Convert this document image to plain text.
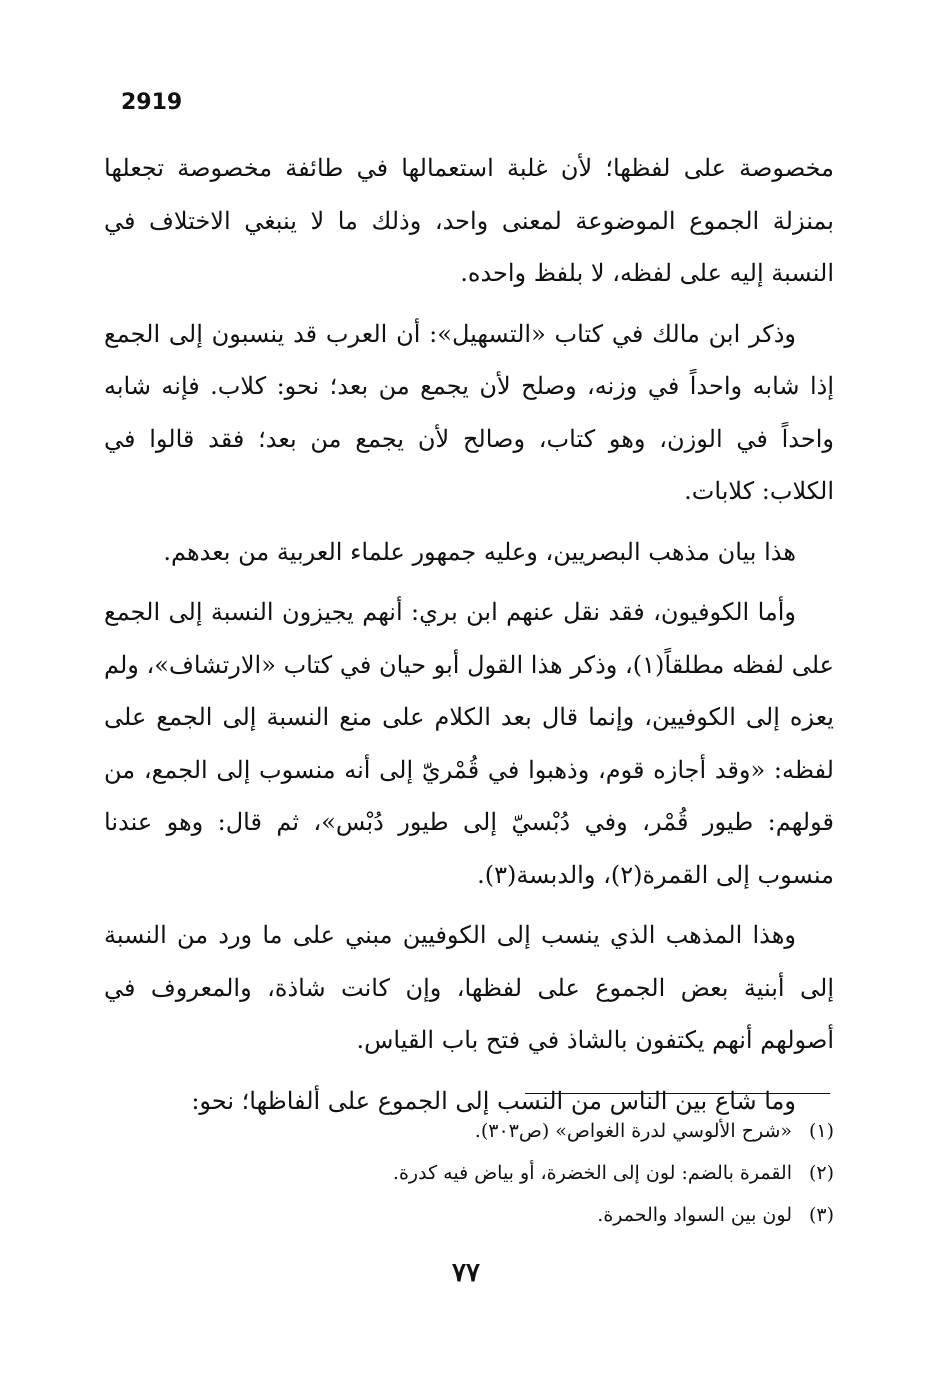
2919

مخصوصة على لفظها؛ لأن غلبة استعمالها في طائفة مخصوصة تجعلها بمنزلة الجموع الموضوعة لمعنى واحد، وذلك ما لا ينبغي الاختلاف في النسبة إليه على لفظه، لا بلفظ واحده.

وذكر ابن مالك في كتاب «التسهيل»: أن العرب قد ينسبون إلى الجمع إذا شابه واحداً في وزنه، وصلح لأن يجمع من بعد؛ نحو: كلاب. فإنه شابه واحداً في الوزن، وهو كتاب، وصالح لأن يجمع من بعد؛ فقد قالوا في الكلاب: كلابات.

هذا بيان مذهب البصريين، وعليه جمهور علماء العربية من بعدهم.

وأما الكوفيون، فقد نقل عنهم ابن بري: أنهم يجيزون النسبة إلى الجمع على لفظه مطلقاً(١)، وذكر هذا القول أبو حيان في كتاب «الارتشاف»، ولم يعزه إلى الكوفيين، وإنما قال بعد الكلام على منع النسبة إلى الجمع على لفظه: «وقد أجازه قوم، وذهبوا في قُمْريّ إلى أنه منسوب إلى الجمع، من قولهم: طيور قُمْر، وفي دُبْسيّ إلى طيور دُبْس»، ثم قال: وهو عندنا منسوب إلى القمرة(٢)، والدبسة(٣).

وهذا المذهب الذي ينسب إلى الكوفيين مبني على ما ورد من النسبة إلى أبنية بعض الجموع على لفظها، وإن كانت شاذة، والمعروف في أصولهم أنهم يكتفون بالشاذ في فتح باب القياس.

وما شاع بين الناس من النسب إلى الجموع على ألفاظها؛ نحو:

(١)«شرح الألوسي لدرة الغواص» (ص٣٠٣).
(٢)القمرة بالضم: لون إلى الخضرة، أو بياض فيه كدرة.
(٣)لون بين السواد والحمرة.
٧٧
